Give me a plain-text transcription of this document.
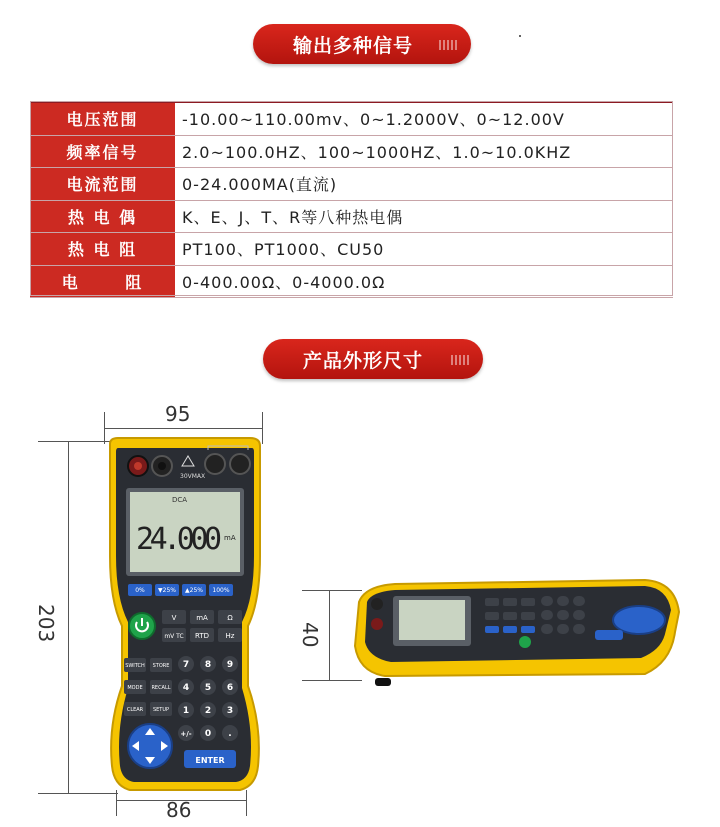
输出多种信号
电压范围	-10.00~110.00mv、0~1.2000V、0~12.00V
频率信号	2.0~100.0HZ、100~1000HZ、1.0~10.0KHZ
电流范围	0-24.000MA(直流)
热 电 偶	K、E、J、T、R等八种热电偶
热 电 阻	PT100、PT1000、CU50
电      阻	0-400.00Ω、0-4000.0Ω
产品外形尺寸
95
203
86
40
30VMAX
DCA
24.000 mA
0% ▼25% ▲25% 100%
V	mA	Ω
mV TC RTD Hz
SWITCH STORE
MODE RECALL
CLEAR SETUP
7 8 9
4 5 6
1 2 3
+/- 0 .
ENTER
